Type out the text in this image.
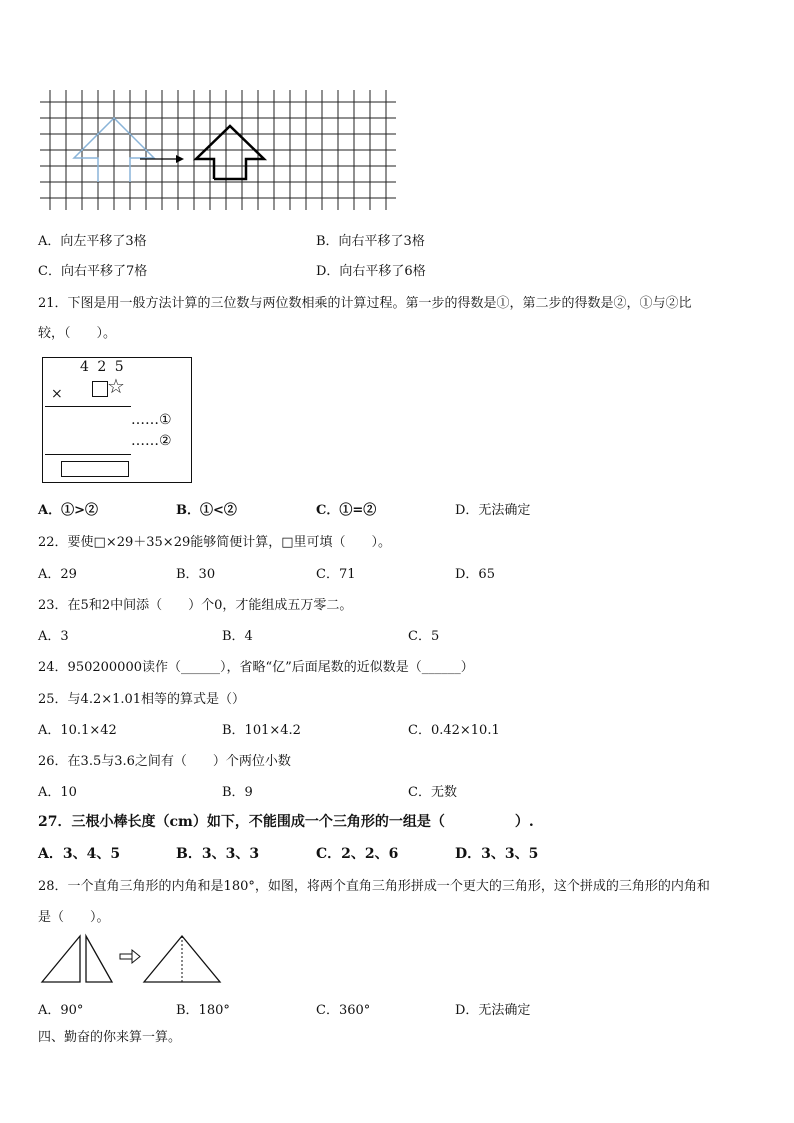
A．向左平移了3格	B．向右平移了3格
C．向右平移了7格	D．向右平移了6格
21．下图是用一般方法计算的三位数与两位数相乘的计算过程。第一步的得数是①，第二步的得数是②，①与②比
较，（　　）。
4 2 5
× ☆
……①
……②
A．①>②	B．①<②	C．①=②	D．无法确定
22．要使□×29＋35×29能够简便计算，□里可填（　　）。
A．29	B．30	C．71	D．65
23．在5和2中间添（　　）个0，才能组成五万零二。
A．3	B．4	C．5
24．950200000读作（______），省略“亿”后面尾数的近似数是（______）
25．与4.2×1.01相等的算式是（）
A．10.1×42	B．101×4.2	C．0.42×10.1
26．在3.5与3.6之间有（　　）个两位小数
A．10	B．9	C．无数
27．三根小棒长度（cm）如下，不能围成一个三角形的一组是（　　　　　）.
A．3、4、5	B．3、3、3	C．2、2、6	D．3、3、5
28．一个直角三角形的内角和是180°，如图，将两个直角三角形拼成一个更大的三角形，这个拼成的三角形的内角和
是（　　）。
A．90°	B．180°	C．360°	D．无法确定
四、勤奋的你来算一算。
